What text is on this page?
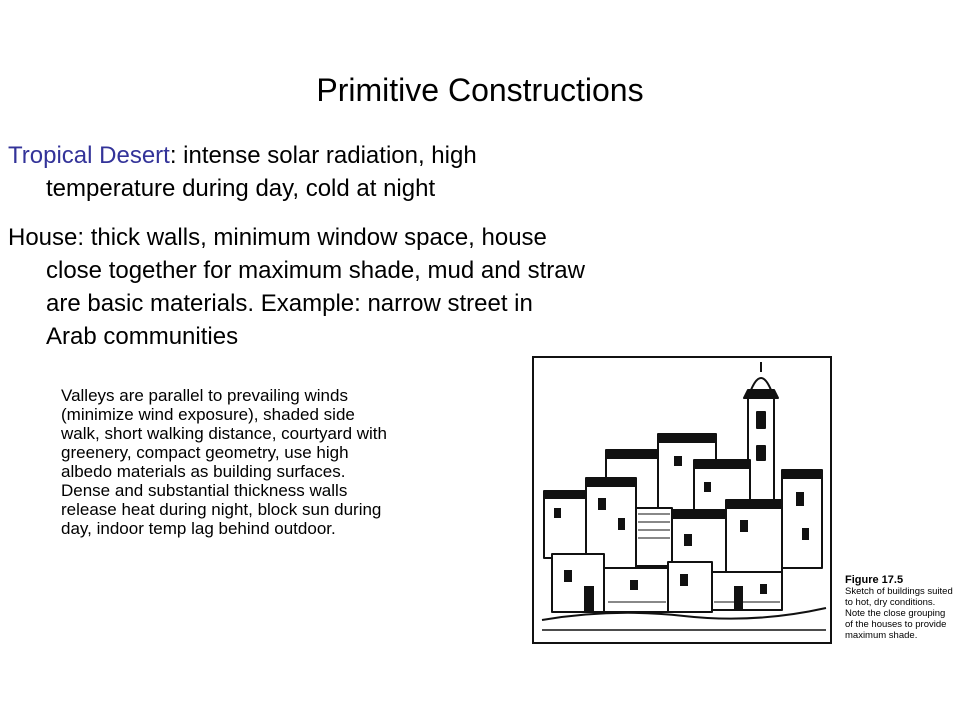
Primitive Constructions
Tropical Desert: intense solar radiation, high
temperature during day, cold at night
House: thick walls, minimum window space, house
close together for maximum shade, mud and straw
are basic materials. Example: narrow street in
Arab communities
Valleys are parallel to prevailing winds
(minimize wind exposure), shaded side
walk, short walking distance, courtyard with
greenery, compact geometry, use high
albedo materials as building surfaces.
Dense and substantial thickness walls
release heat during night, block sun during
day, indoor temp lag behind outdoor.
Figure 17.5
Sketch of buildings suited
to hot, dry conditions.
Note the close grouping
of the houses to provide
maximum shade.
